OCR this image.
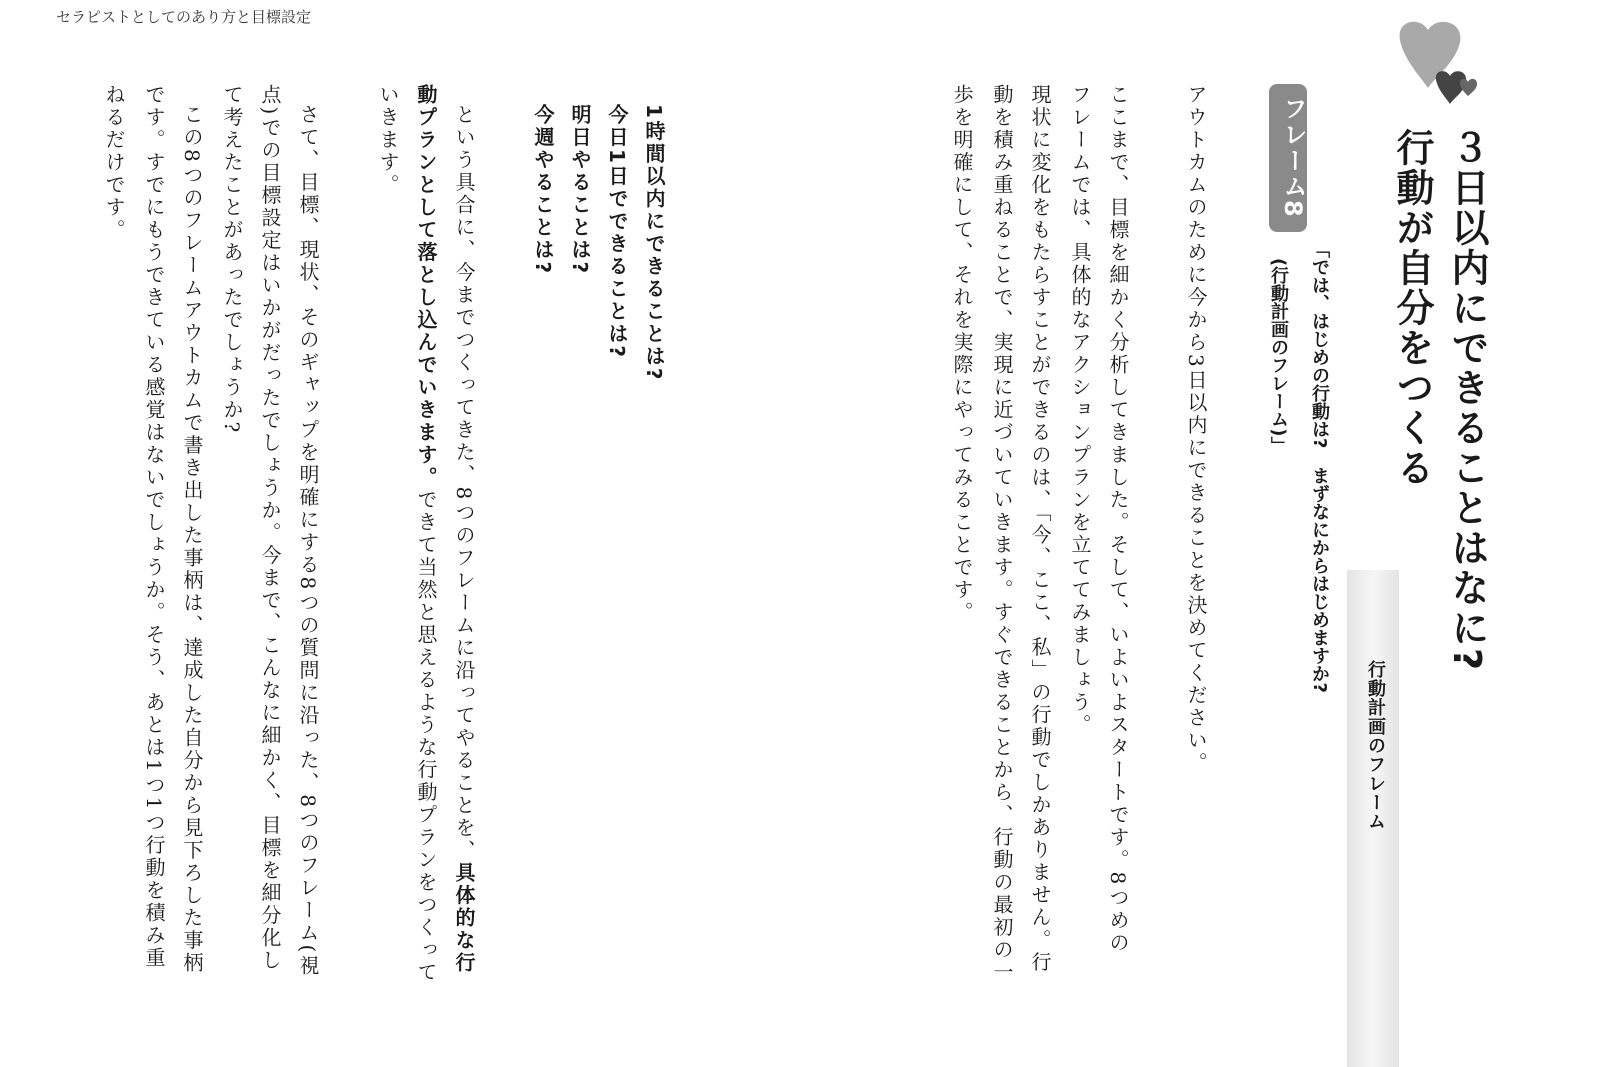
セラピストとしてのあり方と目標設定
３日以内にできることはなに?
行動が自分をつくる
行動計画のフレーム
フレーム8
「では、はじめの行動は?　まずなにからはじめますか?
(行動計画のフレーム)」
アウトカムのために今から3日以内にできることを決めてください。
ここまで、目標を細かく分析してきました。そして、いよいよスタートです。8つめの
フレームでは、具体的なアクションプランを立ててみましょう。
現状に変化をもたらすことができるのは、「今、ここ、私」の行動でしかありません。行
動を積み重ねることで、実現に近づいていきます。すぐできることから、行動の最初の一
歩を明確にして、それを実際にやってみることです。
1時間以内にできることは?
今日1日でできることは?
明日やることは?
今週やることは?
という具合に、今までつくってきた、8つのフレームに沿ってやることを、具体的な行
動プランとして落とし込んでいきます。できて当然と思えるような行動プランをつくって
いきます。
さて、目標、現状、そのギャップを明確にする8つの質問に沿った、8つのフレーム(視
点)での目標設定はいかがだったでしょうか。今まで、こんなに細かく、目標を細分化し
て考えたことがあったでしょうか?
この8つのフレームアウトカムで書き出した事柄は、達成した自分から見下ろした事柄
です。すでにもうできている感覚はないでしょうか。そう、あとは1つ1つ行動を積み重
ねるだけです。
